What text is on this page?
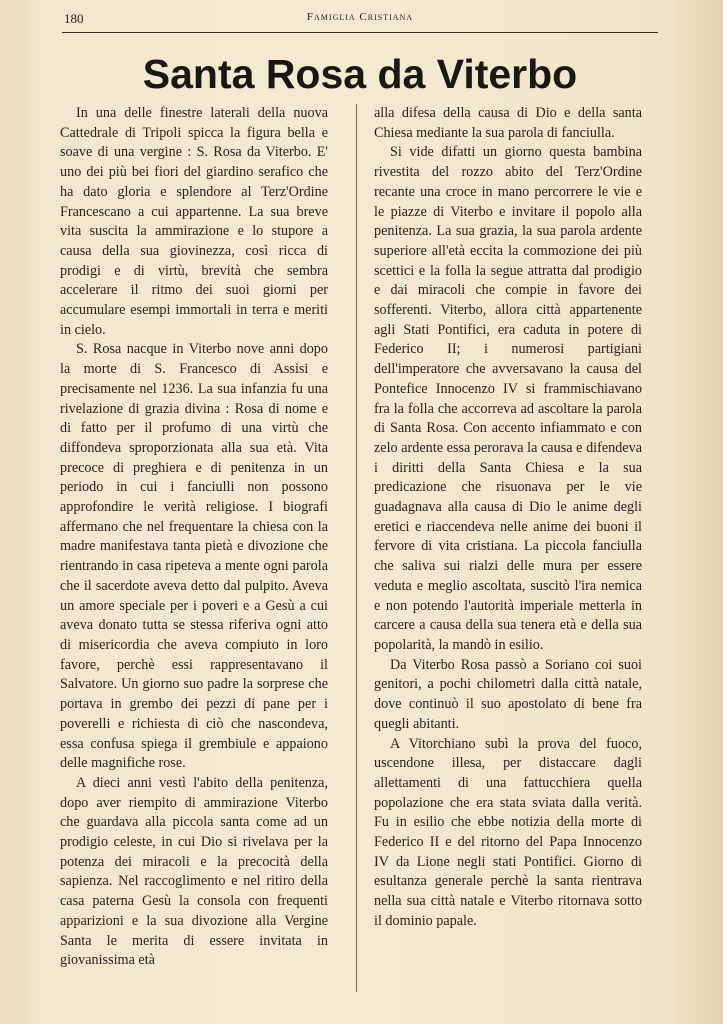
180	Famiglia Cristiana
Santa Rosa da Viterbo

In una delle finestre laterali della nuova Cattedrale di Tripoli spicca la figura bella e soave di una vergine : S. Rosa da Viterbo. E' uno dei più bei fiori del giardino serafico che ha dato gloria e splendore al Terz'Ordine Francescano a cui appartenne. La sua breve vita suscita la ammirazione e lo stupore a causa della sua giovinezza, così ricca di prodigi e di virtù, brevità che sembra accelerare il ritmo dei suoi giorni per accumulare esempi immortali in terra e meriti in cielo.

S. Rosa nacque in Viterbo nove anni dopo la morte di S. Francesco di Assisi e precisamente nel 1236. La sua infanzia fu una rivelazione di grazia divina : Rosa di nome e di fatto per il profumo di una virtù che diffondeva sproporzionata alla sua età. Vita precoce di preghiera e di penitenza in un periodo in cui i fanciulli non possono approfondire le verità religiose. I biografi affermano che nel frequentare la chiesa con la madre manifestava tanta pietà e divozione che rientrando in casa ripeteva a mente ogni parola che il sacerdote aveva detto dal pulpito. Aveva un amore speciale per i poveri e a Gesù a cui aveva donato tutta se stessa riferiva ogni atto di misericordia che aveva compiuto in loro favore, perchè essi rappresentavano il Salvatore. Un giorno suo padre la sorprese che portava in grembo dei pezzi di pane per i poverelli e richiesta di ciò che nascondeva, essa confusa spiega il grembiule e appaiono delle magnifiche rose.

A dieci anni vestì l'abito della penitenza, dopo aver riempito di ammirazione Viterbo che guardava alla piccola santa come ad un prodigio celeste, in cui Dio si rivelava per la potenza dei miracoli e la precocità della sapienza. Nel raccoglimento e nel ritiro della casa paterna Gesù la consola con frequenti apparizioni e la sua divozione alla Vergine Santa le merita di essere invitata in giovanissima età

alla difesa della causa di Dio e della santa Chiesa mediante la sua parola di fanciulla.

Si vide difatti un giorno questa bambina rivestita del rozzo abito del Terz'Ordine recante una croce in mano percorrere le vie e le piazze di Viterbo e invitare il popolo alla penitenza. La sua grazia, la sua parola ardente superiore all'età eccita la commozione dei più scettici e la folla la segue attratta dal prodigio e dai miracoli che compie in favore dei sofferenti. Viterbo, allora città appartenente agli Stati Pontifici, era caduta in potere di Federico II; i numerosi partigiani dell'imperatore che avversavano la causa del Pontefice Innocenzo IV si frammischiavano fra la folla che accorreva ad ascoltare la parola di Santa Rosa. Con accento infiammato e con zelo ardente essa perorava la causa e difendeva i diritti della Santa Chiesa e la sua predicazione che risuonava per le vie guadagnava alla causa di Dio le anime degli eretici e riaccendeva nelle anime dei buoni il fervore di vita cristiana. La piccola fanciulla che saliva sui rialzi delle mura per essere veduta e meglio ascoltata, suscitò l'ira nemica e non potendo l'autorità imperiale metterla in carcere a causa della sua tenera età e della sua popolarità, la mandò in esilio.

Da Viterbo Rosa passò a Soriano coi suoi genitori, a pochi chilometri dalla città natale, dove continuò il suo apostolato di bene fra quegli abitanti.

A Vitorchiano subì la prova del fuoco, uscendone illesa, per distaccare dagli allettamenti di una fattucchiera quella popolazione che era stata sviata dalla verità. Fu in esilio che ebbe notizia della morte di Federico II e del ritorno del Papa Innocenzo IV da Lione negli stati Pontifici. Giorno di esultanza generale perchè la santa rientrava nella sua città natale e Viterbo ritornava sotto il dominio papale.
